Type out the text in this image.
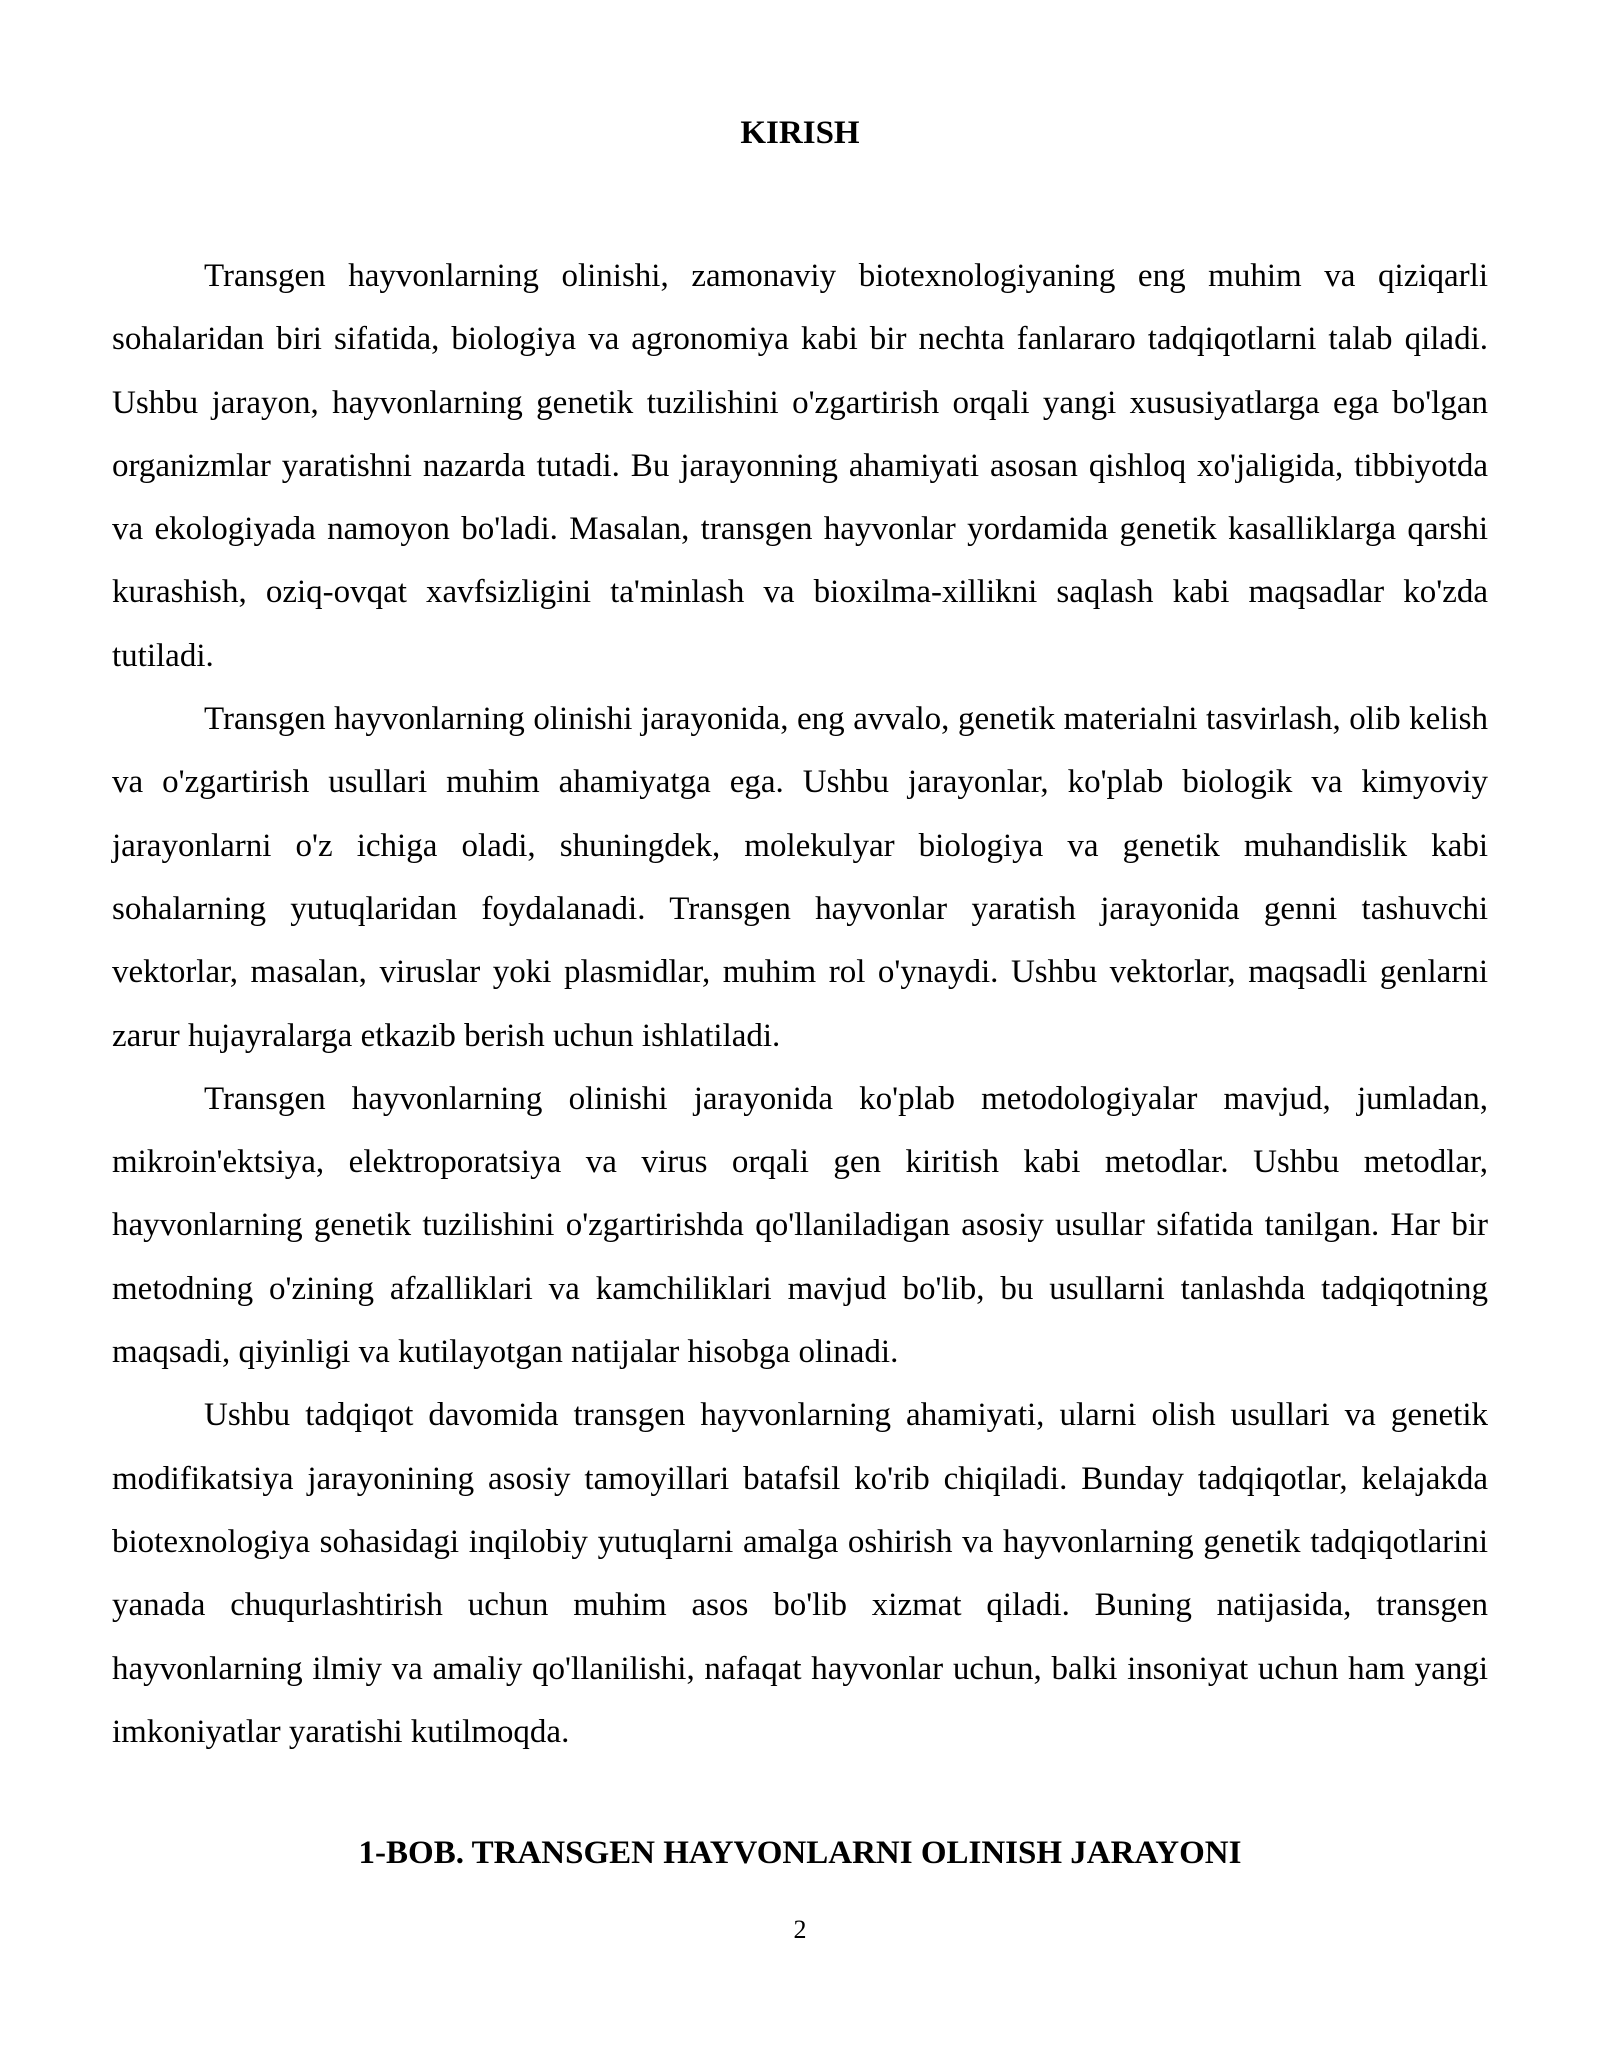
KIRISH

Transgen hayvonlarning olinishi, zamonaviy biotexnologiyaning eng muhim va qiziqarli sohalaridan biri sifatida, biologiya va agronomiya kabi bir nechta fanlararo tadqiqotlarni talab qiladi. Ushbu jarayon, hayvonlarning genetik tuzilishini o'zgartirish orqali yangi xususiyatlarga ega bo'lgan organizmlar yaratishni nazarda tutadi. Bu jarayonning ahamiyati asosan qishloq xo'jaligida, tibbiyotda va ekologiyada namoyon bo'ladi. Masalan, transgen hayvonlar yordamida genetik kasalliklarga qarshi kurashish, oziq-ovqat xavfsizligini ta'minlash va bioxilma-xillikni saqlash kabi maqsadlar ko'zda tutiladi.

Transgen hayvonlarning olinishi jarayonida, eng avvalo, genetik materialni tasvirlash, olib kelish va o'zgartirish usullari muhim ahamiyatga ega. Ushbu jarayonlar, ko'plab biologik va kimyoviy jarayonlarni o'z ichiga oladi, shuningdek, molekulyar biologiya va genetik muhandislik kabi sohalarning yutuqlaridan foydalanadi. Transgen hayvonlar yaratish jarayonida genni tashuvchi vektorlar, masalan, viruslar yoki plasmidlar, muhim rol o'ynaydi. Ushbu vektorlar, maqsadli genlarni zarur hujayralarga etkazib berish uchun ishlatiladi.

Transgen hayvonlarning olinishi jarayonida ko'plab metodologiyalar mavjud, jumladan, mikroin'ektsiya, elektroporatsiya va virus orqali gen kiritish kabi metodlar. Ushbu metodlar, hayvonlarning genetik tuzilishini o'zgartirishda qo'llaniladigan asosiy usullar sifatida tanilgan. Har bir metodning o'zining afzalliklari va kamchiliklari mavjud bo'lib, bu usullarni tanlashda tadqiqotning maqsadi, qiyinligi va kutilayotgan natijalar hisobga olinadi.

Ushbu tadqiqot davomida transgen hayvonlarning ahamiyati, ularni olish usullari va genetik modifikatsiya jarayonining asosiy tamoyillari batafsil ko'rib chiqiladi. Bunday tadqiqotlar, kelajakda biotexnologiya sohasidagi inqilobiy yutuqlarni amalga oshirish va hayvonlarning genetik tadqiqotlarini yanada chuqurlashtirish uchun muhim asos bo'lib xizmat qiladi. Buning natijasida, transgen hayvonlarning ilmiy va amaliy qo'llanilishi, nafaqat hayvonlar uchun, balki insoniyat uchun ham yangi imkoniyatlar yaratishi kutilmoqda.

1-BOB. TRANSGEN HAYVONLARNI OLINISH JARAYONI
2
